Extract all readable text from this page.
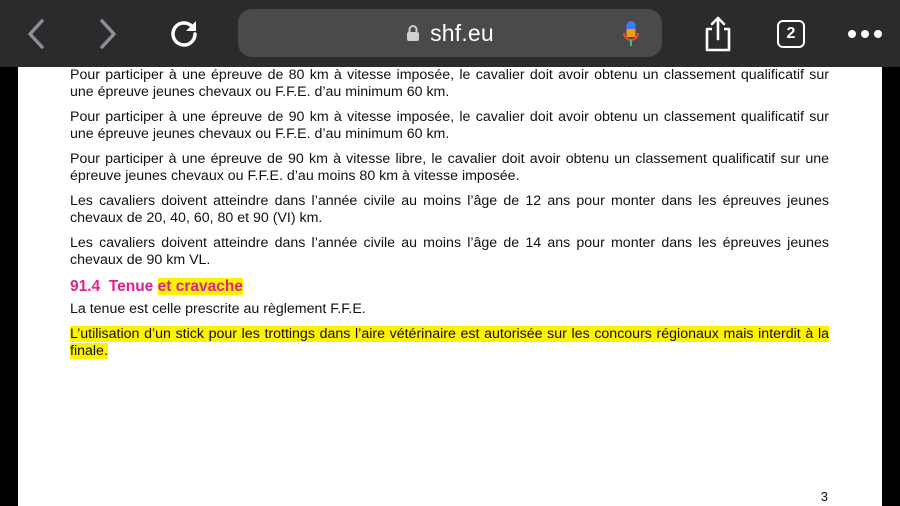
shf.eu	2

Pour participer à une épreuve de 80 km à vitesse imposée, le cavalier doit avoir obtenu un classement qualificatif sur une épreuve jeunes chevaux ou F.F.E. d’au minimum 60 km.

Pour participer à une épreuve de 90 km à vitesse imposée, le cavalier doit avoir obtenu un classement qualificatif sur une épreuve jeunes chevaux ou F.F.E. d’au minimum 60 km.

Pour participer à une épreuve de 90 km à vitesse libre, le cavalier doit avoir obtenu un classement qualificatif sur une épreuve jeunes chevaux ou F.F.E. d’au moins 80 km à vitesse imposée.

Les cavaliers doivent atteindre dans l’année civile au moins l’âge de 12 ans pour monter dans les épreuves jeunes chevaux de 20, 40, 60, 80 et 90 (VI) km.

Les cavaliers doivent atteindre dans l’année civile au moins l’âge de 14 ans pour monter dans les épreuves jeunes chevaux de 90 km VL.

91.4 Tenue et cravache

La tenue est celle prescrite au règlement F.F.E.

L’utilisation d’un stick pour les trottings dans l’aire vétérinaire est autorisée sur les concours régionaux mais interdit à la finale.

3
